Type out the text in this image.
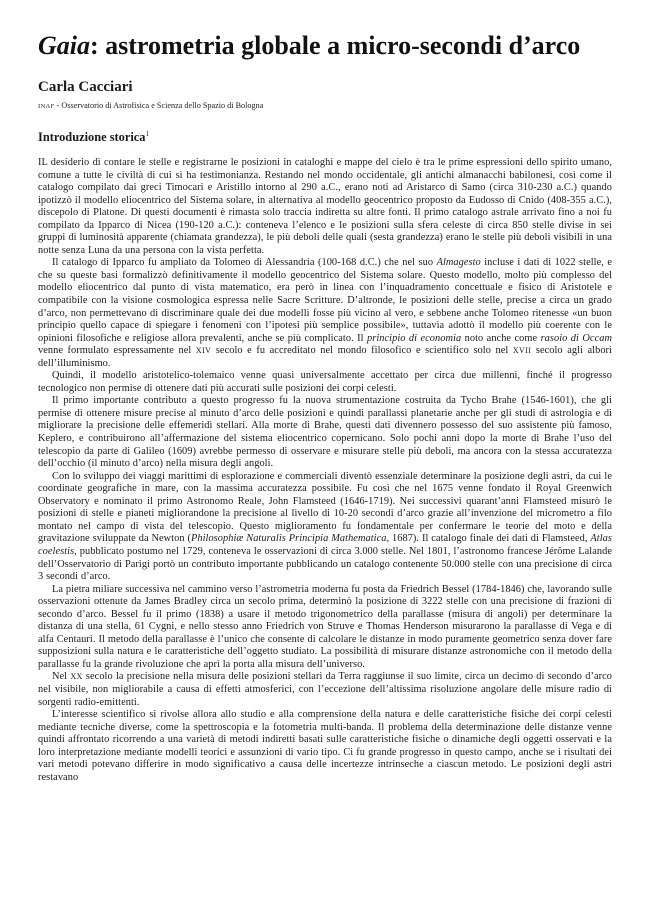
Gaia: astrometria globale a micro-secondi d’arco
Carla Cacciari
INAF - Osservatorio di Astrofisica e Scienza dello Spazio di Bologna
Introduzione storica$^1$

IL desiderio di contare le stelle e registrarne le posizioni in cataloghi e mappe del cielo è tra le prime espressioni dello spirito umano, comune a tutte le civiltà di cui si ha testimonianza. Restando nel mondo occidentale, gli antichi almanacchi babilonesi, così come il catalogo compilato dai greci Timocari e Aristillo intorno al 290 a.C., erano noti ad Aristarco di Samo (circa 310-230 a.C.) quando ipotizzò il modello eliocentrico del Sistema solare, in alternativa al modello geocentrico proposto da Eudosso di Cnido (408-355 a.C.), discepolo di Platone. Di questi documenti è rimasta solo traccia indiretta su altre fonti. Il primo catalogo astrale arrivato fino a noi fu compilato da Ipparco di Nicea (190-120 a.C.): conteneva l’elenco e le posizioni sulla sfera celeste di circa 850 stelle divise in sei gruppi di luminosità apparente (chiamata grandezza), le più deboli delle quali (sesta grandezza) erano le stelle più deboli visibili in una notte senza Luna da una persona con la vista perfetta.

Il catalogo di Ipparco fu ampliato da Tolomeo di Alessandria (100-168 d.C.) che nel suo Almagesto incluse i dati di 1022 stelle, e che su queste basi formalizzò definitivamente il modello geocentrico del Sistema solare. Questo modello, molto più complesso del modello eliocentrico dal punto di vista matematico, era però in linea con l’inquadramento concettuale e fisico di Aristotele e compatibile con la visione cosmologica espressa nelle Sacre Scritture. D’altronde, le posizioni delle stelle, precise a circa un grado d’arco, non permettevano di discriminare quale dei due modelli fosse più vicino al vero, e sebbene anche Tolomeo ritenesse «un buon principio quello capace di spiegare i fenomeni con l’ipotesi più semplice possibile», tuttavia adottò il modello più coerente con le opinioni filosofiche e religiose allora prevalenti, anche se più complicato. Il principio di economia noto anche come rasoio di Occam venne formulato espressamente nel XIV secolo e fu accreditato nel mondo filosofico e scientifico solo nel XVII secolo agli albori dell’illuminismo.

Quindi, il modello aristotelico-tolemaico venne quasi universalmente accettato per circa due millenni, finché il progresso tecnologico non permise di ottenere dati più accurati sulle posizioni dei corpi celesti.

Il primo importante contributo a questo progresso fu la nuova strumentazione costruita da Tycho Brahe (1546-1601), che gli permise di ottenere misure precise al minuto d’arco delle posizioni e quindi parallassi planetarie anche per gli studi di astrologia e di migliorare la precisione delle effemeridi stellari. Alla morte di Brahe, questi dati divennero possesso del suo assistente più famoso, Keplero, e contribuirono all’affermazione del sistema eliocentrico copernicano. Solo pochi anni dopo la morte di Brahe l’uso del telescopio da parte di Galileo (1609) avrebbe permesso di osservare e misurare stelle più deboli, ma ancora con la stessa accuratezza dell’occhio (il minuto d’arco) nella misura degli angoli.

Con lo sviluppo dei viaggi marittimi di esplorazione e commerciali diventò essenziale determinare la posizione degli astri, da cui le coordinate geografiche in mare, con la massima accuratezza possibile. Fu così che nel 1675 venne fondato il Royal Greenwich Observatory e nominato il primo Astronomo Reale, John Flamsteed (1646-1719). Nei successivi quarant’anni Flamsteed misurò le posizioni di stelle e pianeti migliorandone la precisione al livello di 10-20 secondi d’arco grazie all’invenzione del micrometro a filo montato nel campo di vista del telescopio. Questo miglioramento fu fondamentale per confermare le teorie del moto e della gravitazione sviluppate da Newton (Philosophiæ Naturalis Principia Mathematica, 1687). Il catalogo finale dei dati di Flamsteed, Atlas coelestis, pubblicato postumo nel 1729, conteneva le osservazioni di circa 3.000 stelle. Nel 1801, l’astronomo francese Jérôme Lalande dell’Osservatorio di Parigi portò un contributo importante pubblicando un catalogo contenente 50.000 stelle con una precisione di circa 3 secondi d’arco.

La pietra miliare successiva nel cammino verso l’astrometria moderna fu posta da Friedrich Bessel (1784-1846) che, lavorando sulle osservazioni ottenute da James Bradley circa un secolo prima, determinò la posizione di 3222 stelle con una precisione di frazioni di secondo d’arco. Bessel fu il primo (1838) a usare il metodo trigonometrico della parallasse (misura di angoli) per determinare la distanza di una stella, 61 Cygni, e nello stesso anno Friedrich von Struve e Thomas Henderson misurarono la parallasse di Vega e di alfa Centauri. Il metodo della parallasse è l’unico che consente di calcolare le distanze in modo puramente geometrico senza dover fare supposizioni sulla natura e le caratteristiche dell’oggetto studiato. La possibilità di misurare distanze astronomiche con il metodo della parallasse fu la grande rivoluzione che aprì la porta alla misura dell’universo.

Nel XX secolo la precisione nella misura delle posizioni stellari da Terra raggiunse il suo limite, circa un decimo di secondo d’arco nel visibile, non migliorabile a causa di effetti atmosferici, con l’eccezione dell’altissima risoluzione angolare delle misure radio di sorgenti radio-emittenti.

L’interesse scientifico si rivolse allora allo studio e alla comprensione della natura e delle caratteristiche fisiche dei corpi celesti mediante tecniche diverse, come la spettroscopia e la fotometria multi-banda. Il problema della determinazione delle distanze venne quindi affrontato ricorrendo a una varietà di metodi indiretti basati sulle caratteristiche fisiche o dinamiche degli oggetti osservati e la loro interpretazione mediante modelli teorici e assunzioni di vario tipo. Ci fu grande progresso in questo campo, anche se i risultati dei vari metodi potevano differire in modo significativo a causa delle incertezze intrinseche a ciascun metodo. Le posizioni degli astri restavano
